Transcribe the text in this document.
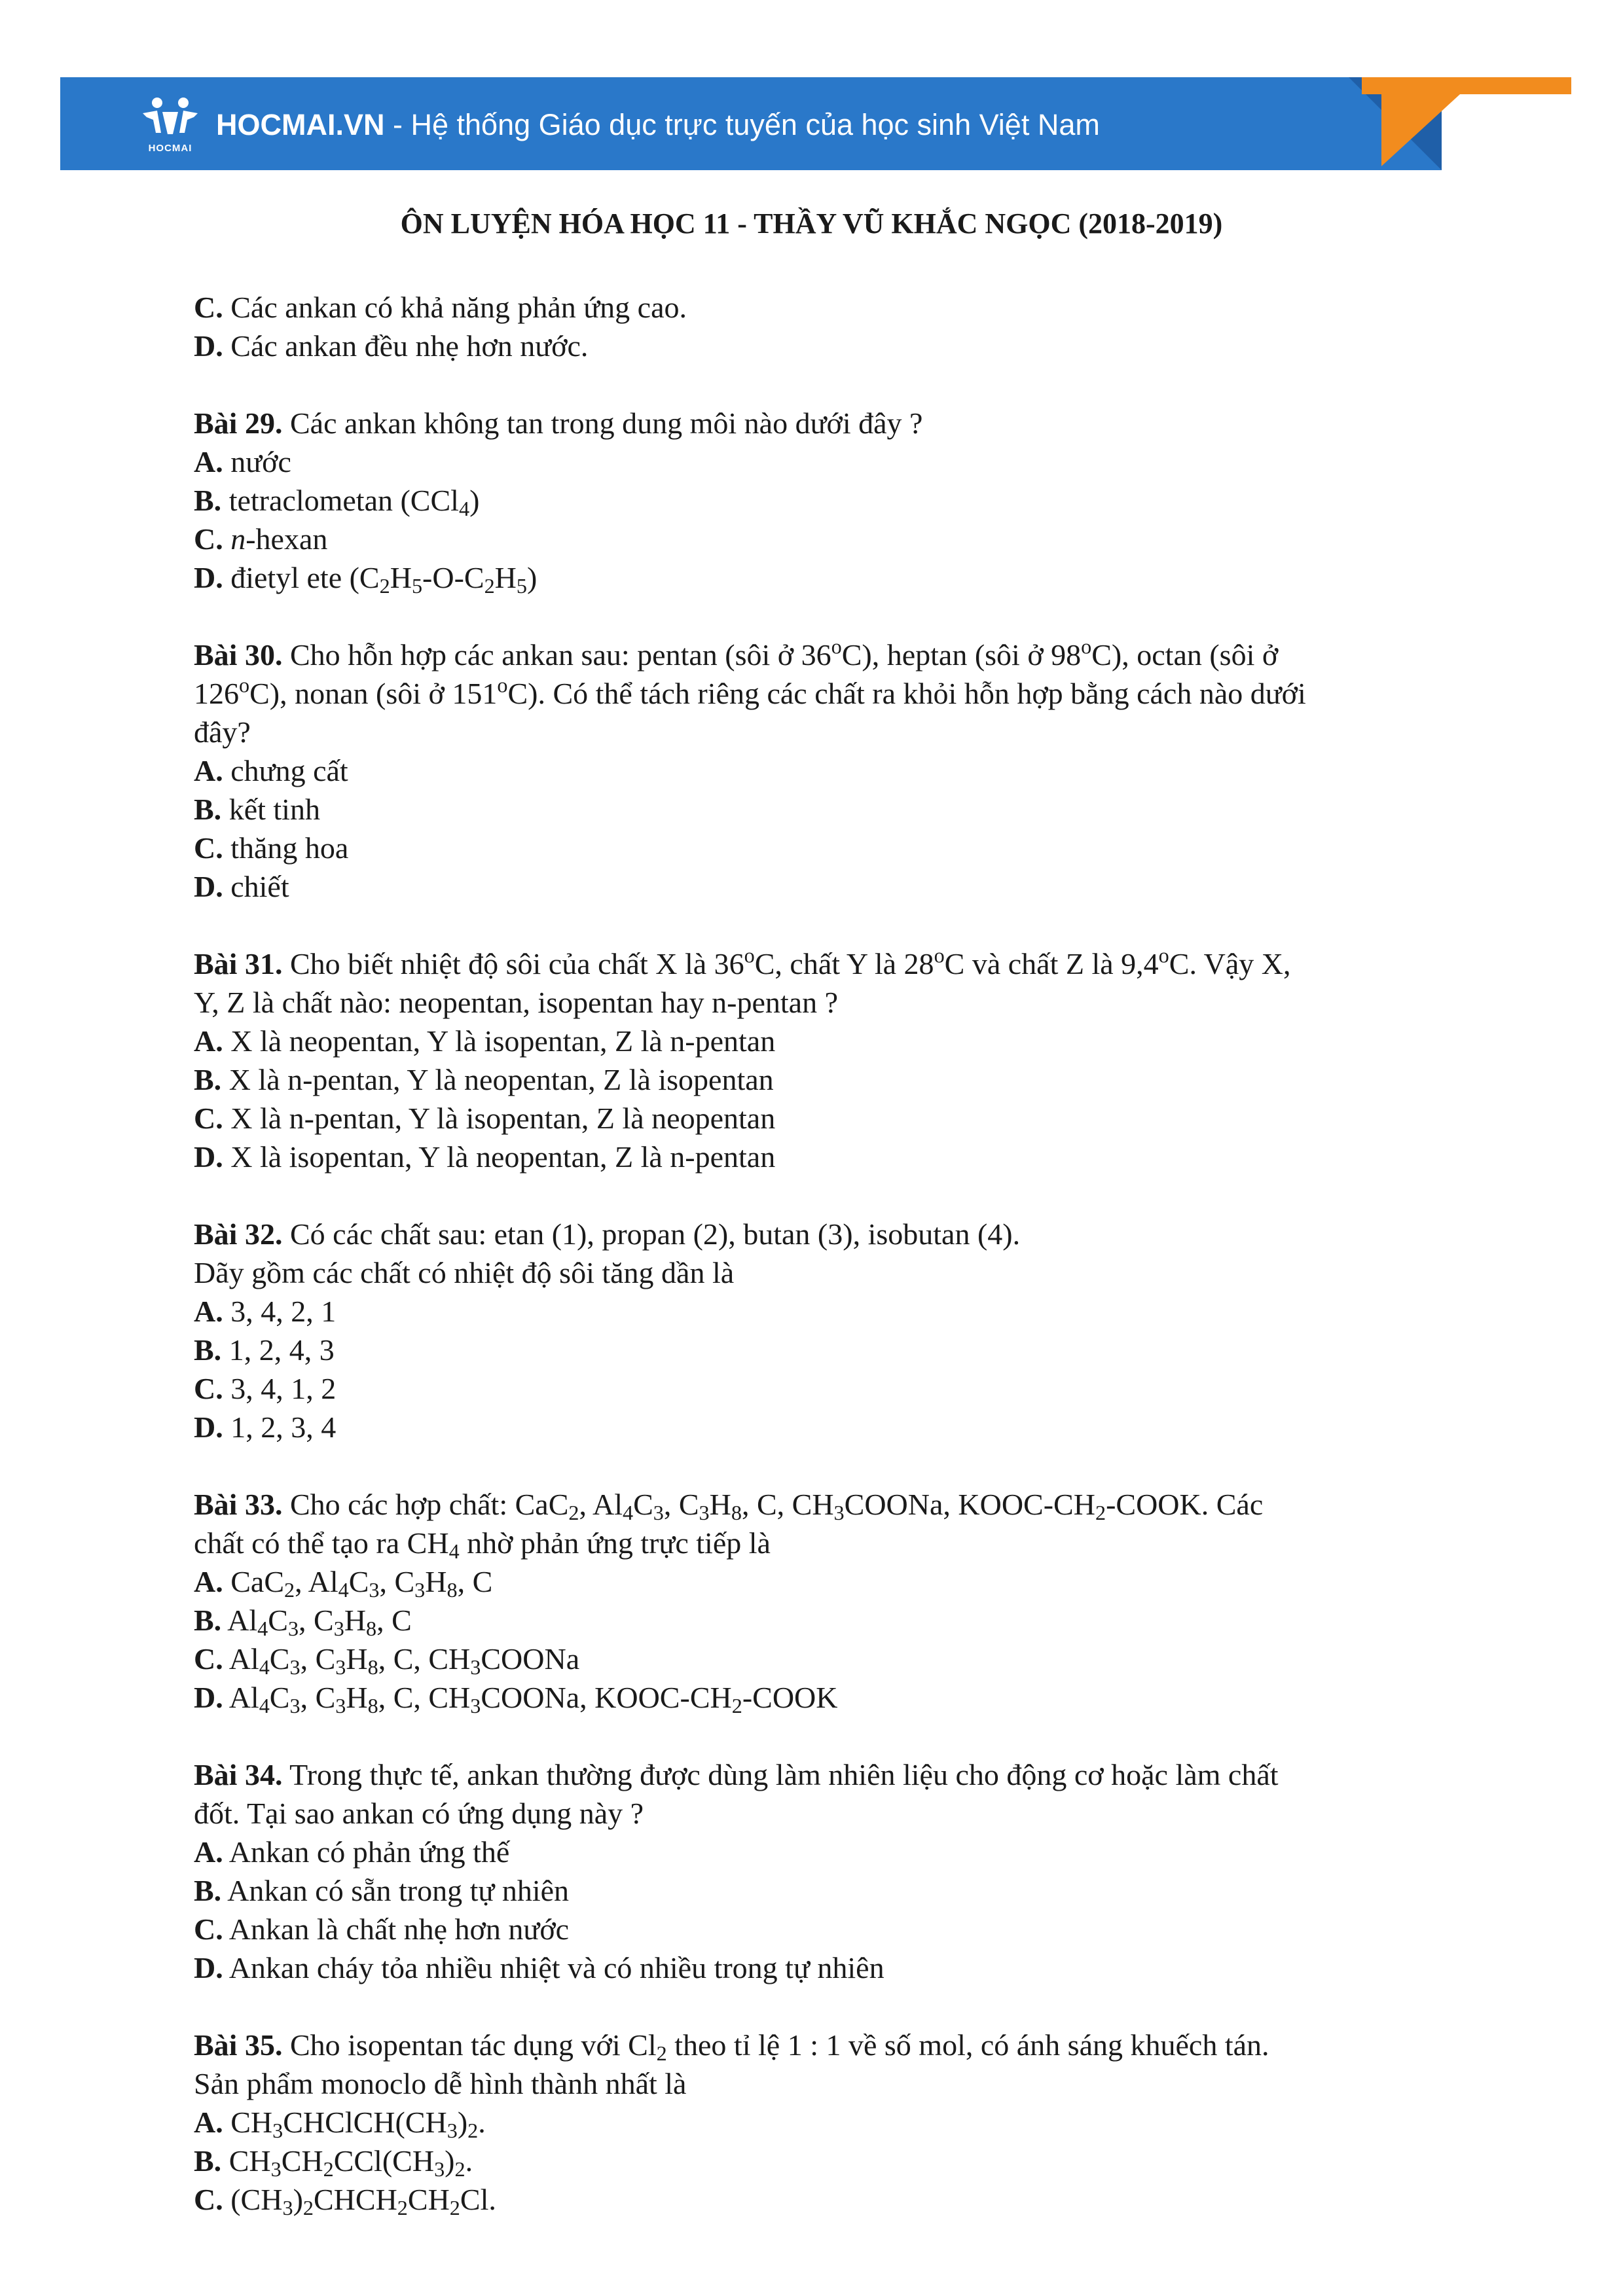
HOCMAI
HOCMAI.VN - Hệ thống Giáo dục trực tuyến của học sinh Việt Nam
ÔN LUYỆN HÓA HỌC 11 - THẦY VŨ KHẮC NGỌC (2018-2019)

C. Các ankan có khả năng phản ứng cao.

D. Các ankan đều nhẹ hơn nước.

Bài 29. Các ankan không tan trong dung môi nào dưới đây ?

A. nước

B. tetraclometan (CCl$_4$)

C. n-hexan

D. đietyl ete $(C_2H_5-O-C_2H_5)$

Bài 30. Cho hỗn hợp các ankan sau: pentan (sôi ở 36$^o$C), heptan (sôi ở 98$^o$C), octan (sôi ở
126$^o$C), nonan (sôi ở 151$^o$C). Có thể tách riêng các chất ra khỏi hỗn hợp bằng cách nào dưới
đây?

A. chưng cất

B. kết tinh

C. thăng hoa

D. chiết

Bài 31. Cho biết nhiệt độ sôi của chất X là 36$^o$C, chất Y là 28$^o$C và chất Z là 9,4$^o$C. Vậy X,
Y, Z là chất nào: neopentan, isopentan hay n-pentan ?

A. X là neopentan, Y là isopentan, Z là n-pentan

B. X là n-pentan, Y là neopentan, Z là isopentan

C. X là n-pentan, Y là isopentan, Z là neopentan

D. X là isopentan, Y là neopentan, Z là n-pentan

Bài 32. Có các chất sau: etan (1), propan (2), butan (3), isobutan (4).

Dãy gồm các chất có nhiệt độ sôi tăng dần là

A. 3, 4, 2, 1

B. 1, 2, 4, 3

C. 3, 4, 1, 2

D. 1, 2, 3, 4

Bài 33. Cho các hợp chất: CaC$_2$, $Al_4C_3$, $C_3H_8$, C, $CH_3COONa$, KOOC-$CH_2$-COOK. Các
chất có thể tạo ra $CH_4$ nhờ phản ứng trực tiếp là

A. CaC$_2$, $Al_4C_3$, $C_3H_8$, C

B. $Al_4C_3$, $C_3H_8$, C

C. $Al_4C_3$, $C_3H_8$, C, $CH_3COONa$

D. $Al_4C_3$, $C_3H_8$, C, $CH_3COONa$, KOOC-$CH_2$-COOK

Bài 34. Trong thực tế, ankan thường được dùng làm nhiên liệu cho động cơ hoặc làm chất
đốt. Tại sao ankan có ứng dụng này ?

A. Ankan có phản ứng thế

B. Ankan có sẵn trong tự nhiên

C. Ankan là chất nhẹ hơn nước

D. Ankan cháy tỏa nhiều nhiệt và có nhiều trong tự nhiên

Bài 35. Cho isopentan tác dụng với $Cl_2$ theo tỉ lệ 1 : 1 về số mol, có ánh sáng khuếch tán.
Sản phẩm monoclo dễ hình thành nhất là

A. $CH_3CHClCH(CH_3)_2$.

B. $CH_3CH_2CCl(CH_3)_2$.

C. $(CH_3)_2CHCH_2CH_2Cl$.
